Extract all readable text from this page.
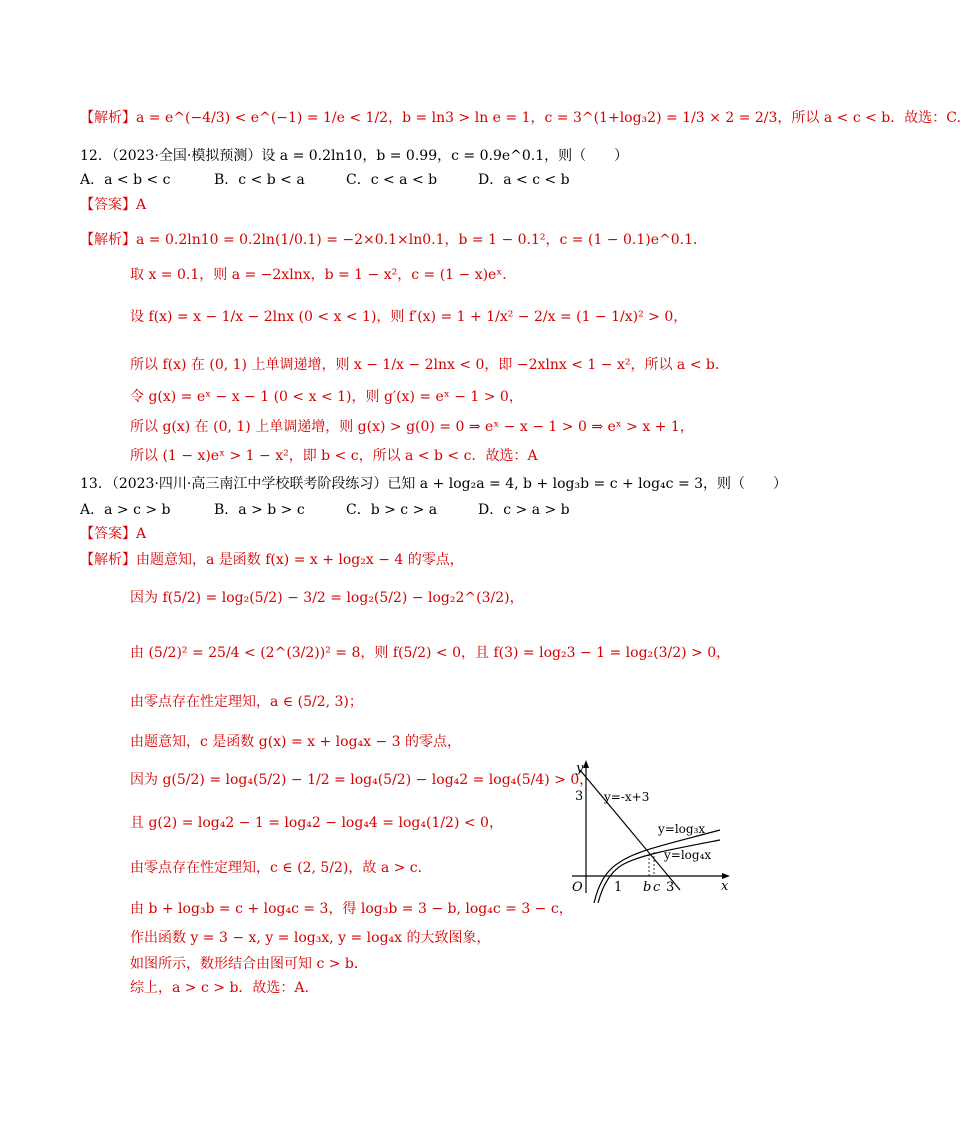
【解析】a = e^(−4/3) < e^(−1) = 1/e < 1/2，b = ln3 > ln e = 1，c = 3^(1+log₃2) = 1/3 × 2 = 2/3，所以 a < c < b．故选：C.
12．（2023·全国·模拟预测）设 a = 0.2ln10，b = 0.99，c = 0.9e^0.1，则（　　）
A．a < b < c	B．c < b < a	C．c < a < b	D．a < c < b
【答案】A
【解析】a = 0.2ln10 = 0.2ln(1/0.1) = −2×0.1×ln0.1，b = 1 − 0.1²，c = (1 − 0.1)e^0.1．
取 x = 0.1，则 a = −2xlnx，b = 1 − x²，c = (1 − x)eˣ．
设 f(x) = x − 1/x − 2lnx (0 < x < 1)，则 f′(x) = 1 + 1/x² − 2/x = (1 − 1/x)² > 0，
所以 f(x) 在 (0, 1) 上单调递增，则 x − 1/x − 2lnx < 0，即 −2xlnx < 1 − x²，所以 a < b．
令 g(x) = eˣ − x − 1 (0 < x < 1)，则 g′(x) = eˣ − 1 > 0，
所以 g(x) 在 (0, 1) 上单调递增，则 g(x) > g(0) = 0 ⇒ eˣ − x − 1 > 0 ⇒ eˣ > x + 1，
所以 (1 − x)eˣ > 1 − x²，即 b < c，所以 a < b < c．故选：A
13．（2023·四川·高三南江中学校联考阶段练习）已知 a + log₂a = 4, b + log₃b = c + log₄c = 3，则（　　）
A．a > c > b	B．a > b > c	C．b > c > a	D．c > a > b
【答案】A
【解析】由题意知，a 是函数 f(x) = x + log₂x − 4 的零点，
因为 f(5/2) = log₂(5/2) − 3/2 = log₂(5/2) − log₂2^(3/2)，
由 (5/2)² = 25/4 < (2^(3/2))² = 8，则 f(5/2) < 0，且 f(3) = log₂3 − 1 = log₂(3/2) > 0，
由零点存在性定理知，a ∈ (5/2, 3)；
由题意知，c 是函数 g(x) = x + log₄x − 3 的零点，
因为 g(5/2) = log₄(5/2) − 1/2 = log₄(5/2) − log₄2 = log₄(5/4) > 0，
且 g(2) = log₄2 − 1 = log₄2 − log₄4 = log₄(1/2) < 0，
由零点存在性定理知，c ∈ (2, 5/2)，故 a > c．
由 b + log₃b = c + log₄c = 3，得 log₃b = 3 − b, log₄c = 3 − c，
作出函数 y = 3 − x, y = log₃x, y = log₄x 的大致图象，
如图所示，数形结合由图可知 c > b．
综上，a > c > b．故选：A.
y
x
O 1 b c 3
3 y=-x+3
y=log₃x
y=log₄x
